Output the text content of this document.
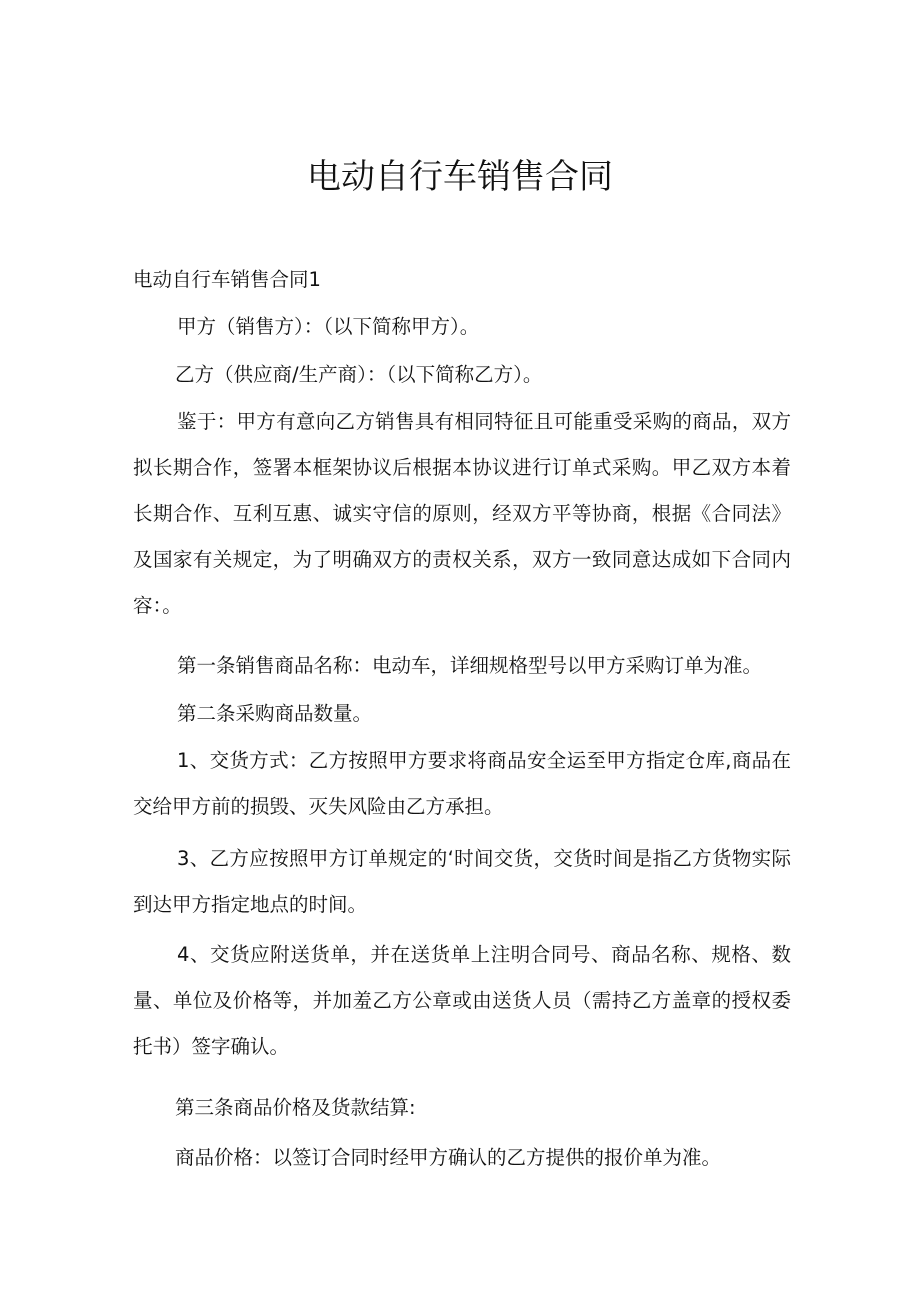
电动自行车销售合同
电动自行车销售合同1
甲方（销售方）：（以下简称甲方）。
乙方（供应商/生产商）：（以下简称乙方）。
鉴于：甲方有意向乙方销售具有相同特征且可能重受采购的商品，双方拟长期合作，签署本框架协议后根据本协议进行订单式采购。甲乙双方本着长期合作、互利互惠、诚实守信的原则，经双方平等协商，根据《合同法》及国家有关规定，为了明确双方的责权关系，双方一致同意达成如下合同内容：。
第一条销售商品名称：电动车，详细规格型号以甲方采购订单为准。
第二条采购商品数量。
1、交货方式：乙方按照甲方要求将商品安全运至甲方指定仓库,商品在交给甲方前的损毁、灭失风险由乙方承担。
3、乙方应按照甲方订单规定的‘时间交货，交货时间是指乙方货物实际到达甲方指定地点的时间。
4、交货应附送货单，并在送货单上注明合同号、商品名称、规格、数量、单位及价格等，并加羞乙方公章或由送货人员（需持乙方盖章的授权委托书）签字确认。
第三条商品价格及货款结算:
商品价格：以签订合同时经甲方确认的乙方提供的报价单为准。
